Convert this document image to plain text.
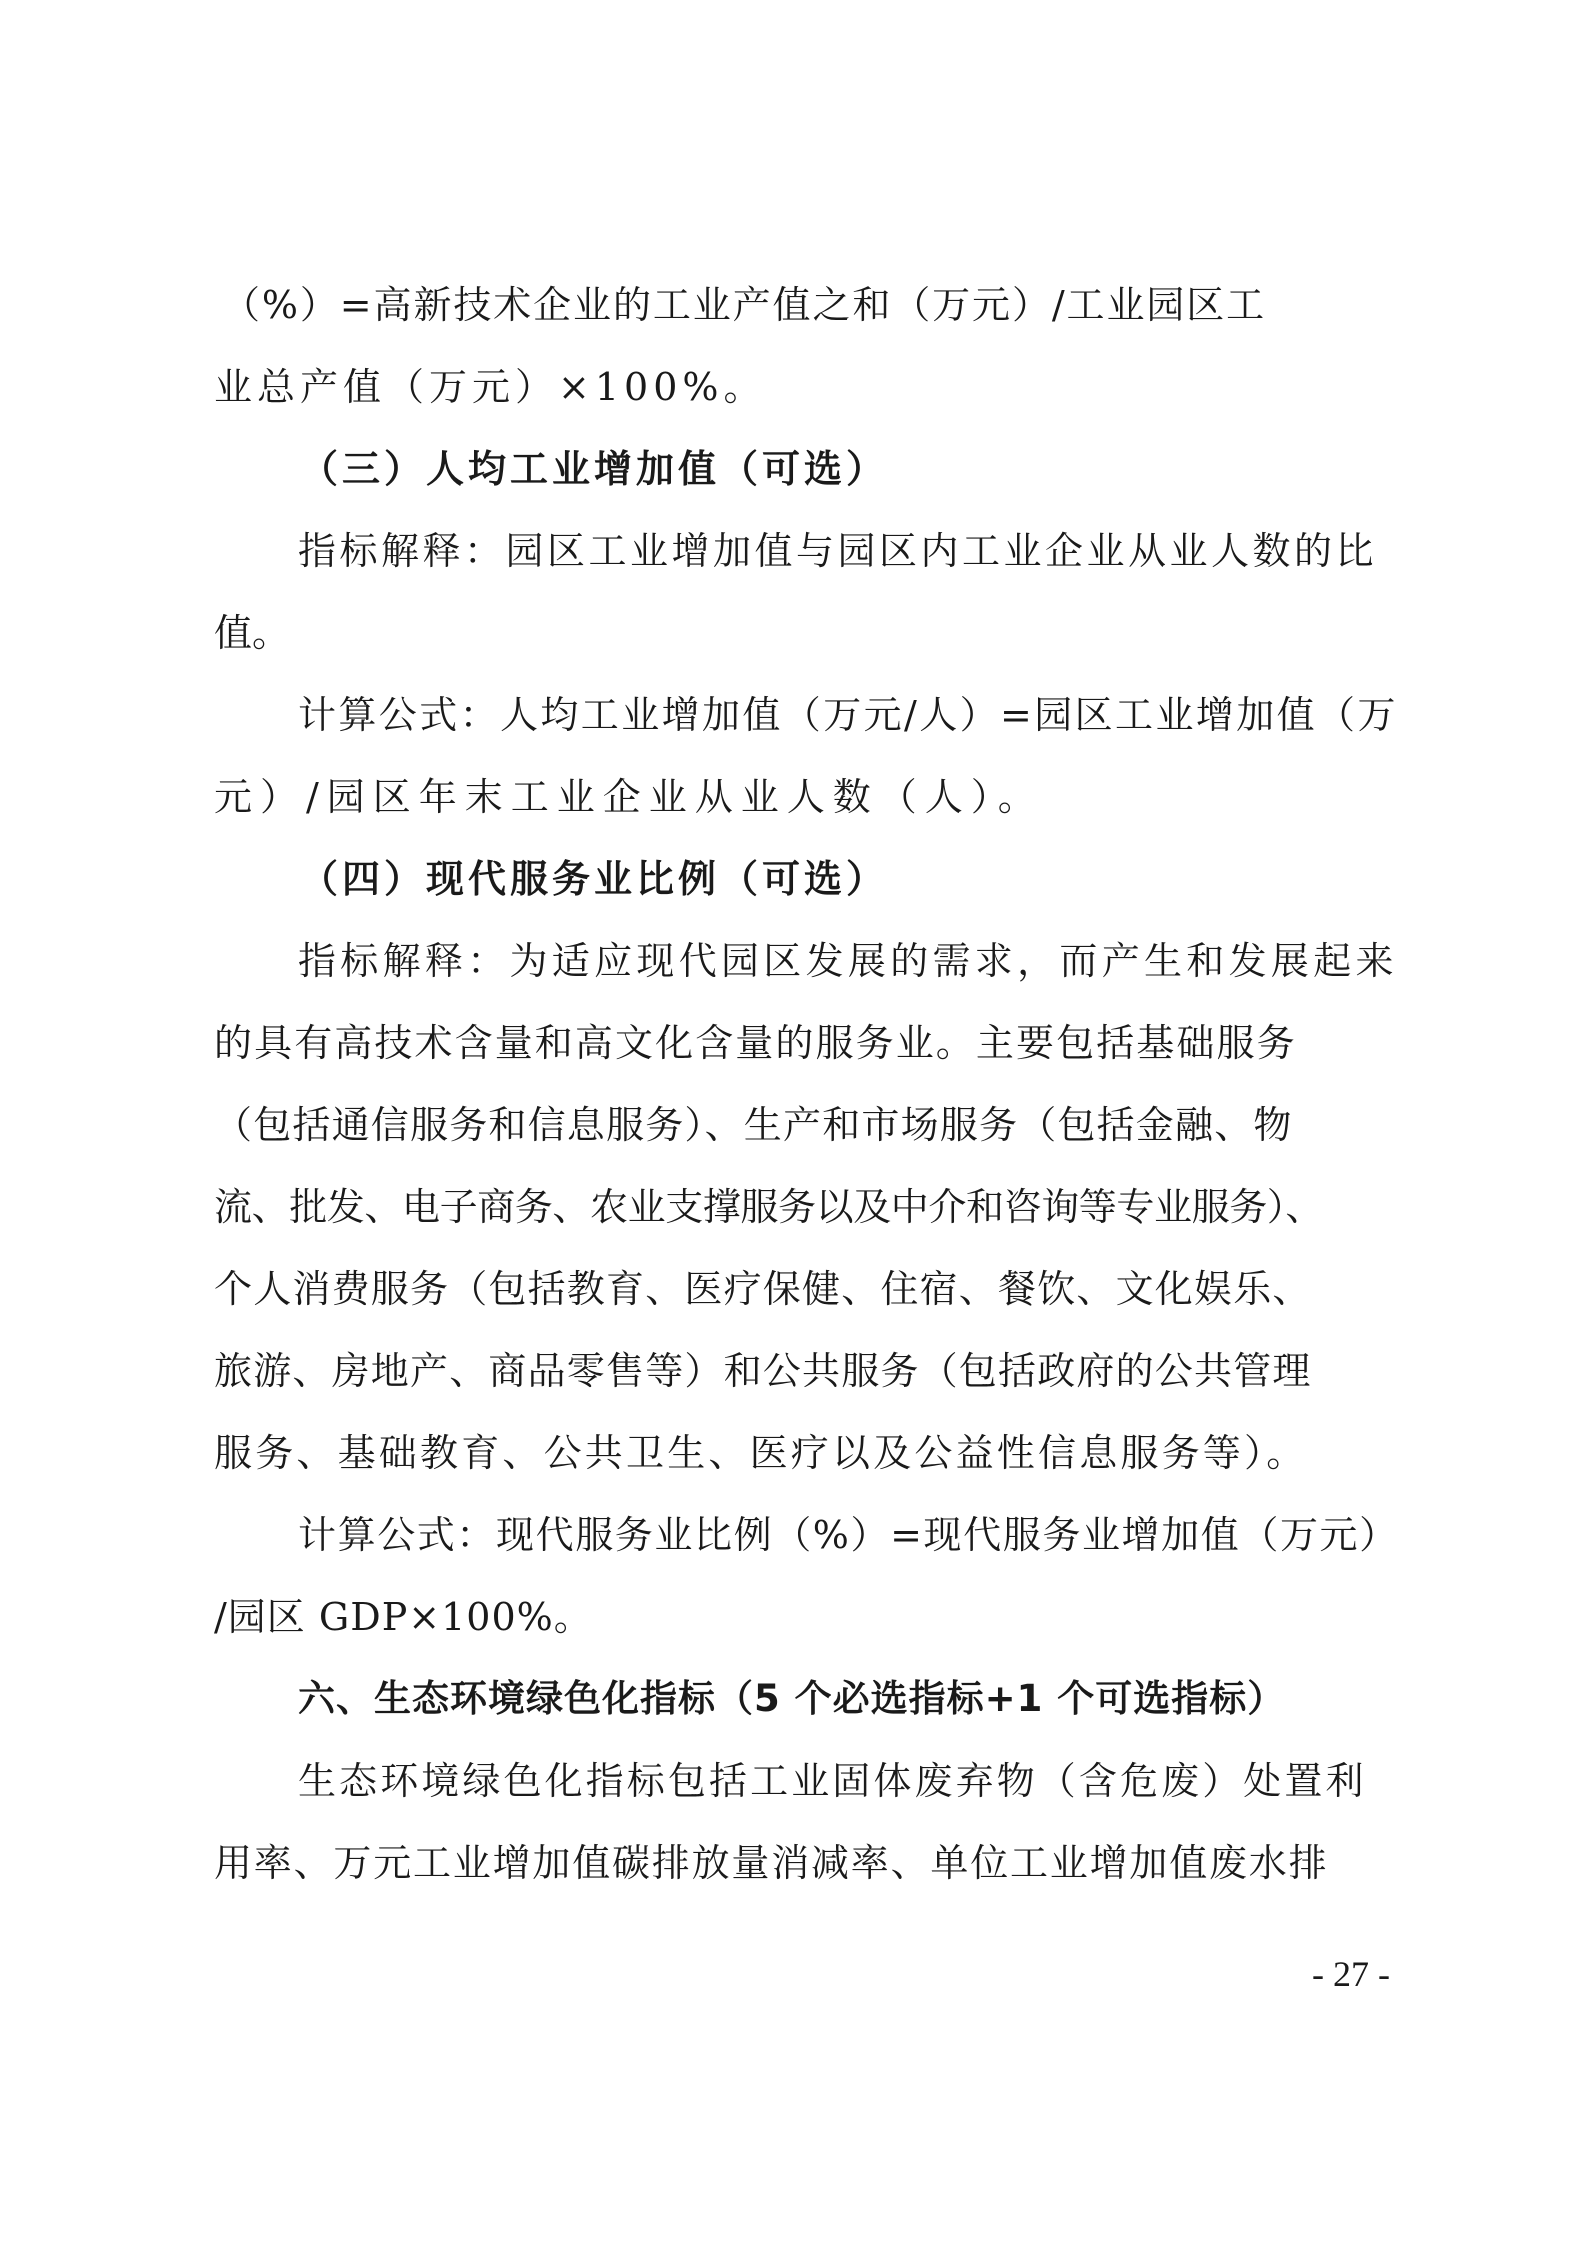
（%）=高新技术企业的工业产值之和（万元）/工业园区工
业总产值（万元）×100%。
（三）人均工业增加值（可选）
指标解释：园区工业增加值与园区内工业企业从业人数的比
值。
计算公式：人均工业增加值（万元/人）=园区工业增加值（万
元）/园区年末工业企业从业人数（人）。
（四）现代服务业比例（可选）
指标解释：为适应现代园区发展的需求，而产生和发展起来
的具有高技术含量和高文化含量的服务业。主要包括基础服务
（包括通信服务和信息服务）、生产和市场服务（包括金融、物
流、批发、电子商务、农业支撑服务以及中介和咨询等专业服务）、
个人消费服务（包括教育、医疗保健、住宿、餐饮、文化娱乐、
旅游、房地产、商品零售等）和公共服务（包括政府的公共管理
服务、基础教育、公共卫生、医疗以及公益性信息服务等）。
计算公式：现代服务业比例（%）=现代服务业增加值（万元）
/园区 GDP×100%。
六、生态环境绿色化指标（5 个必选指标+1 个可选指标）
生态环境绿色化指标包括工业固体废弃物（含危废）处置利
用率、万元工业增加值碳排放量消减率、单位工业增加值废水排
- 27 -
